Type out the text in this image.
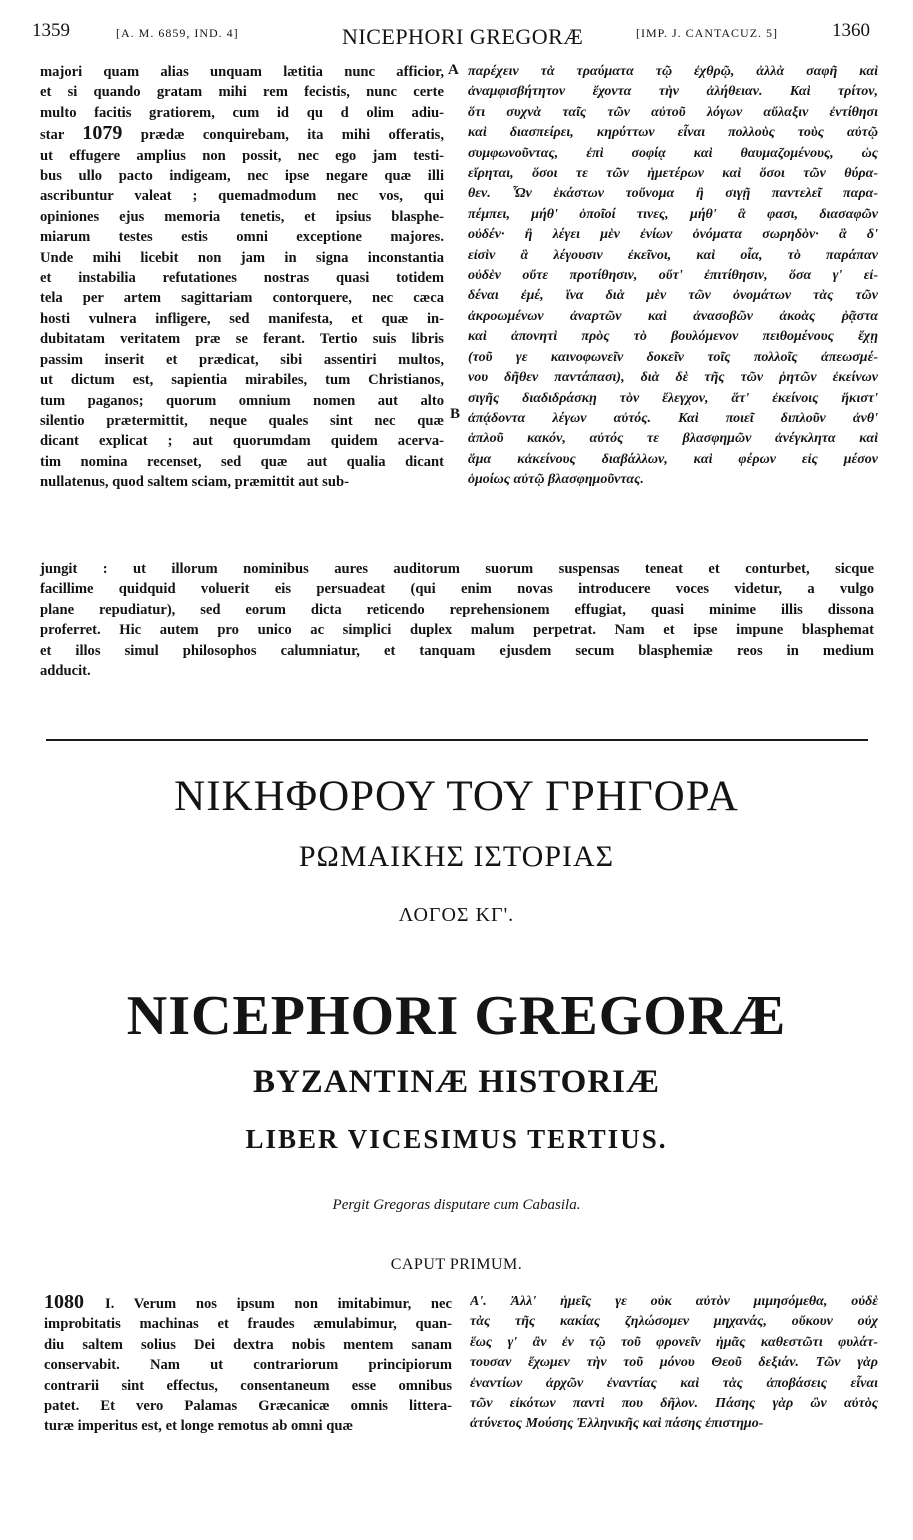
1359	[A. M. 6859, IND. 4]	NICEPHORI GREGORÆ	[IMP. J. CANTACUZ. 5]	1360
majori quam alias unquam lætitia nunc afficior,
et si quando gratam mihi rem fecistis, nunc certe
multo facitis gratiorem, cum id qu d olim adiu-
star 1079 prædæ conquirebam, ita mihi offeratis,
ut effugere amplius non possit, nec ego jam testi-
bus ullo pacto indigeam, nec ipse negare quæ illi
ascribuntur valeat ; quemadmodum nec vos, qui
opiniones ejus memoria tenetis, et ipsius blasphe-
miarum testes estis omni exceptione majores.
Unde mihi licebit non jam in signa inconstantia
et instabilia refutationes nostras quasi totidem
tela per artem sagittariam contorquere, nec cæca
hosti vulnera infligere, sed manifesta, et quæ in-
dubitatam veritatem præ se ferant. Tertio suis libris
passim inserit et prædicat, sibi assentiri multos,
ut dictum est, sapientia mirabiles, tum Christianos,
tum paganos; quorum omnium nomen aut alto
silentio prætermittit, neque quales sint nec quæ
dicant explicat ; aut quorumdam quidem acerva-
tim nomina recenset, sed quæ aut qualia dicant
nullatenus, quod saltem sciam, præmittit aut sub-
A
B
παρέχειν τὰ τραύματα τῷ ἐχθρῷ, ἀλλὰ σαφῆ καὶ
ἀναμφισβήτητον ἔχοντα τὴν ἀλήθειαν. Καὶ τρίτον,
ὅτι συχνὰ ταῖς τῶν αὐτοῦ λόγων αὔλαξιν ἐντίθησι
καὶ διασπείρει, κηρύττων εἶναι πολλοὺς τοὺς αὐτῷ
συμφωνοῦντας, ἐπὶ σοφίᾳ καὶ θαυμαζομένους, ὡς
εἴρηται, ὅσοι τε τῶν ἡμετέρων καὶ ὅσοι τῶν θύρα-
θεν. Ὧν ἑκάστων τοὔνομα ἢ σιγῇ παντελεῖ παρα-
πέμπει, μήθ' ὁποῖοί τινες, μήθ' ἃ φασι, διασαφῶν
οὐδέν· ἢ λέγει μὲν ἐνίων ὀνόματα σωρηδὸν· ἃ δ'
εἰσὶν ἃ λέγουσιν ἐκεῖνοι, καὶ οἷα, τὸ παράπαν
οὐδὲν οὔτε προτίθησιν, οὔτ' ἐπιτίθησιν, ὅσα γ' εἰ-
δέναι ἐμέ, ἵνα διὰ μὲν τῶν ὀνομάτων τὰς τῶν
ἀκροωμένων ἀναρτῶν καὶ ἀνασοβῶν ἀκοὰς ῥᾷστα
καὶ ἀπονητὶ πρὸς τὸ βουλόμενον πειθομένους ἔχῃ
(τοῦ γε καινοφωνεῖν δοκεῖν τοῖς πολλοῖς ἀπεωσμέ-
νου δῆθεν παντάπασι), διὰ δὲ τῆς τῶν ῥητῶν ἐκείνων
σιγῆς διαδιδράσκῃ τὸν ἔλεγχον, ἅτ' ἐκείνοις ἥκιστ'
ἀπᾴδοντα λέγων αὐτός. Καὶ ποιεῖ διπλοῦν ἀνθ'
ἁπλοῦ κακόν, αὐτός τε βλασφημῶν ἀνέγκλητα καὶ
ἅμα κἀκείνους διαβάλλων, καὶ φέρων εἰς μέσον
ὁμοίως αὐτῷ βλασφημοῦντας.
jungit : ut illorum nominibus aures auditorum suorum suspensas teneat et conturbet, sicque
facillime quidquid voluerit eis persuadeat (qui enim novas introducere voces videtur, a vulgo
plane repudiatur), sed eorum dicta reticendo reprehensionem effugiat, quasi minime illis dissona
proferret. Hic autem pro unico ac simplici duplex malum perpetrat. Nam et ipse impune blasphemat
et illos simul philosophos calumniatur, et tanquam ejusdem secum blasphemiæ reos in medium
adducit.
ΝΙΚΗΦΟΡΟΥ ΤΟΥ ΓΡΗΓΟΡΑ
ΡΩΜΑΙΚΗΣ ΙΣΤΟΡΙΑΣ
ΛΟΓΟΣ ΚΓ'.
NICEPHORI GREGORÆ
BYZANTINÆ HISTORIÆ
LIBER VICESIMUS TERTIUS.
Pergit Gregoras disputare cum Cabasila.
CAPUT PRIMUM.
1080 I. Verum nos ipsum non imitabimur, nec
improbitatis machinas et fraudes æmulabimur, quan-
diu saltem solius Dei dextra nobis mentem sanam
conservabit. Nam ut contrariorum principiorum
contrarii sint effectus, consentaneum esse omnibus
patet. Et vero Palamas Græcanicæ omnis littera-
turæ imperitus est, et longe remotus ab omni quæ
Α'. Ἀλλ' ἡμεῖς γε οὐκ αὐτὸν μιμησόμεθα, οὐδὲ
τὰς τῆς κακίας ζηλώσομεν μηχανάς, οὔκουν οὐχ
ἕως γ' ἂν ἐν τῷ τοῦ φρονεῖν ἡμᾶς καθεστῶτι φυλάτ-
τουσαν ἔχωμεν τὴν τοῦ μόνου Θεοῦ δεξιάν. Τῶν γὰρ
ἐναντίων ἀρχῶν ἐναντίας καὶ τὰς ἀποβάσεις εἶναι
τῶν εἰκότων παντὶ που δῆλον. Πάσης γὰρ ὢν αὐτὸς
ἀτύνετος Μούσης Ἑλληνικῆς καὶ πάσης ἐπιστημο-
